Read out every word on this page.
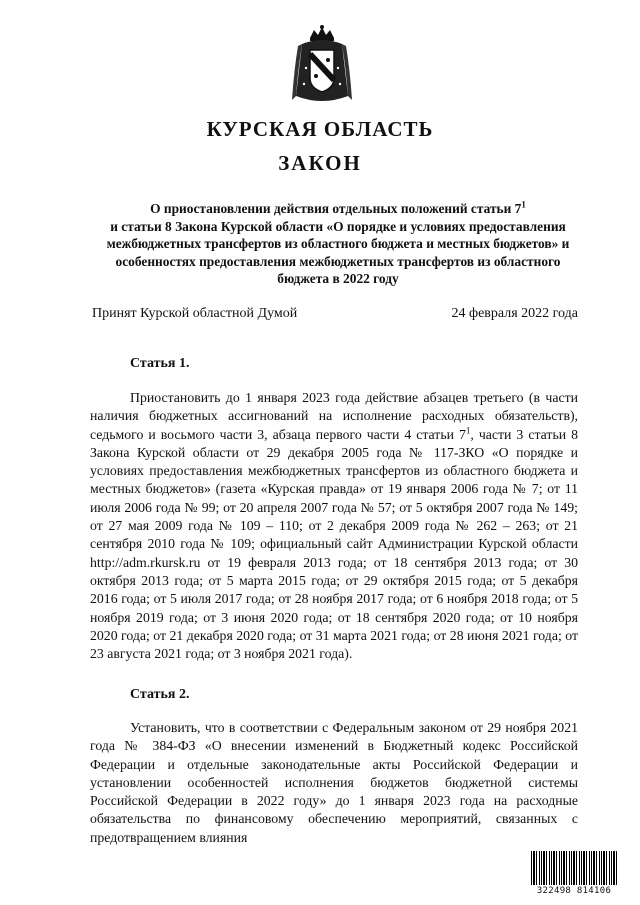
КУРСКАЯ ОБЛАСТЬ
ЗАКОН
О приостановлении действия отдельных положений статьи $7^1$
и статьи 8 Закона Курской области «О порядке и условиях предоставления межбюджетных трансфертов из областного бюджета и местных бюджетов» и особенностях предоставления межбюджетных трансфертов из областного бюджета в 2022 году
Принят Курской областной Думой	24 февраля 2022 года
Статья 1.

Приостановить до 1 января 2023 года действие абзацев третьего (в части наличия бюджетных ассигнований на исполнение расходных обязательств), седьмого и восьмого части 3, абзаца первого части 4 статьи $7^1$, части 3 статьи 8 Закона Курской области от 29 декабря 2005 года № 117-ЗКО «О порядке и условиях предоставления межбюджетных трансфертов из областного бюджета и местных бюджетов» (газета «Курская правда» от 19 января 2006 года № 7; от 11 июля 2006 года № 99; от 20 апреля 2007 года № 57; от 5 октября 2007 года № 149; от 27 мая 2009 года № 109 – 110; от 2 декабря 2009 года № 262 – 263; от 21 сентября 2010 года № 109; официальный сайт Администрации Курской области http://adm.rkursk.ru от 19 февраля 2013 года; от 18 сентября 2013 года; от 30 октября 2013 года; от 5 марта 2015 года; от 29 октября 2015 года; от 5 декабря 2016 года; от 5 июля 2017 года; от 28 ноября 2017 года; от 6 ноября 2018 года; от 5 ноября 2019 года; от 3 июня 2020 года; от 18 сентября 2020 года; от 10 ноября 2020 года; от 21 декабря 2020 года; от 31 марта 2021 года; от 28 июня 2021 года; от 23 августа 2021 года; от 3 ноября 2021 года).

Статья 2.

Установить, что в соответствии с Федеральным законом от 29 ноября 2021 года № 384-ФЗ «О внесении изменений в Бюджетный кодекс Российской Федерации и отдельные законодательные акты Российской Федерации и установлении особенностей исполнения бюджетов бюджетной системы Российской Федерации в 2022 году» до 1 января 2023 года на расходные обязательства по финансовому обеспечению мероприятий, связанных с предотвращением влияния

322498 814106
